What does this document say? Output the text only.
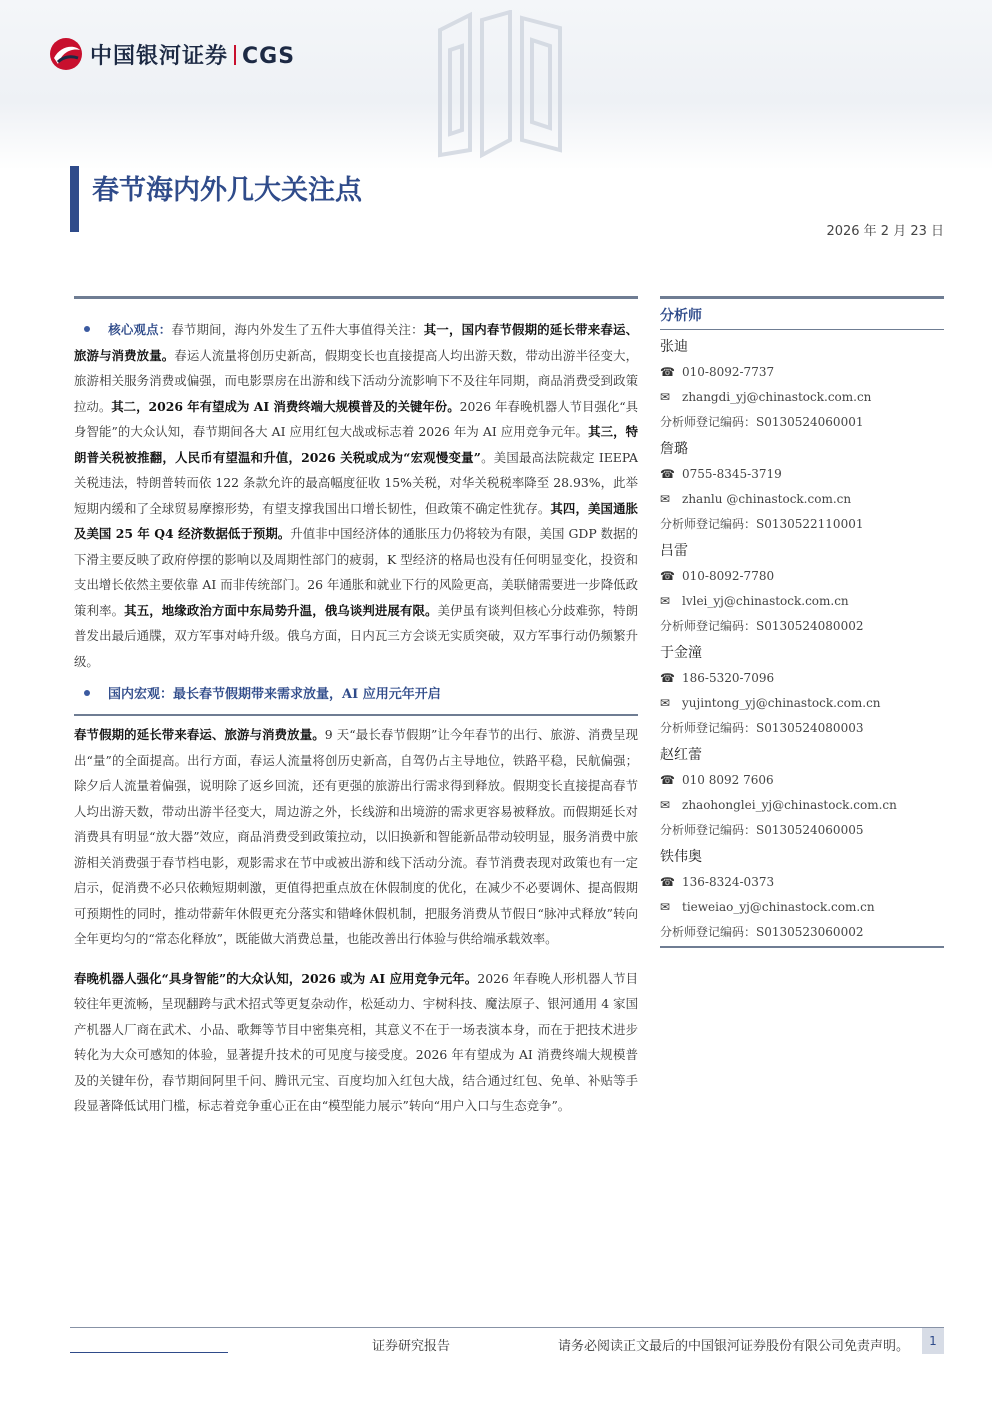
中国银河证券 CGS
春节海内外几大关注点
2026 年 2 月 23 日

核心观点：春节期间，海内外发生了五件大事值得关注：其一，国内春节假期的延长带来春运、旅游与消费放量。春运人流量将创历史新高，假期变长也直接提高人均出游天数，带动出游半径变大，旅游相关服务消费或偏强，而电影票房在出游和线下活动分流影响下不及往年同期，商品消费受到政策拉动。其二，2026 年有望成为 AI 消费终端大规模普及的关键年份。2026 年春晚机器人节目强化“具身智能”的大众认知，春节期间各大 AI 应用红包大战或标志着 2026 年为 AI 应用竞争元年。其三，特朗普关税被推翻，人民币有望温和升值，2026 关税或成为“宏观慢变量”。美国最高法院裁定 IEEPA 关税违法，特朗普转而依 122 条款允许的最高幅度征收 15%关税，对华关税税率降至 28.93%，此举短期内缓和了全球贸易摩擦形势，有望支撑我国出口增长韧性，但政策不确定性犹存。其四，美国通胀及美国 25 年 Q4 经济数据低于预期。升值非中国经济体的通胀压力仍将较为有限，美国 GDP 数据的下滑主要反映了政府停摆的影响以及周期性部门的疲弱，K 型经济的格局也没有任何明显变化，投资和支出增长依然主要依靠 AI 而非传统部门。26 年通胀和就业下行的风险更高，美联储需要进一步降低政策利率。其五，地缘政治方面中东局势升温，俄乌谈判进展有限。美伊虽有谈判但核心分歧难弥，特朗普发出最后通牒，双方军事对峙升级。俄乌方面，日内瓦三方会谈无实质突破，双方军事行动仍频繁升级。

国内宏观：最长春节假期带来需求放量，AI 应用元年开启

春节假期的延长带来春运、旅游与消费放量。9 天“最长春节假期”让今年春节的出行、旅游、消费呈现出“量”的全面提高。出行方面，春运人流量将创历史新高，自驾仍占主导地位，铁路平稳，民航偏强；除夕后人流量着偏强，说明除了返乡回流，还有更强的旅游出行需求得到释放。假期变长直接提高春节人均出游天数，带动出游半径变大，周边游之外，长线游和出境游的需求更容易被释放。而假期延长对消费具有明显“放大器”效应，商品消费受到政策拉动，以旧换新和智能新品带动较明显，服务消费中旅游相关消费强于春节档电影，观影需求在节中或被出游和线下活动分流。春节消费表现对政策也有一定启示，促消费不必只依赖短期刺激，更值得把重点放在休假制度的优化，在减少不必要调休、提高假期可预期性的同时，推动带薪年休假更充分落实和错峰休假机制，把服务消费从节假日“脉冲式释放”转向全年更均匀的“常态化释放”，既能做大消费总量，也能改善出行体验与供给端承载效率。

春晚机器人强化“具身智能”的大众认知，2026 或为 AI 应用竞争元年。2026 年春晚人形机器人节目较往年更流畅，呈现翻跨与武术招式等更复杂动作，松延动力、宇树科技、魔法原子、银河通用 4 家国产机器人厂商在武术、小品、歌舞等节目中密集亮相，其意义不在于一场表演本身，而在于把技术进步转化为大众可感知的体验，显著提升技术的可见度与接受度。2026 年有望成为 AI 消费终端大规模普及的关键年份，春节期间阿里千问、腾讯元宝、百度均加入红包大战，结合通过红包、免单、补贴等手段显著降低试用门槛，标志着竞争重心正在由“模型能力展示”转向“用户入口与生态竞争”。

分析师
张迪
☎ 010-8092-7737
✉ zhangdi_yj@chinastock.com.cn
分析师登记编码：S0130524060001
詹璐
☎ 0755-8345-3719
✉ zhanlu @chinastock.com.cn
分析师登记编码：S0130522110001
吕雷
☎ 010-8092-7780
✉ lvlei_yj@chinastock.com.cn
分析师登记编码：S0130524080002
于金潼
☎ 186-5320-7096
✉ yujintong_yj@chinastock.com.cn
分析师登记编码：S0130524080003
赵红蕾
☎ 010 8092 7606
✉ zhaohonglei_yj@chinastock.com.cn
分析师登记编码：S0130524060005
铁伟奥
☎ 136-8324-0373
✉ tieweiao_yj@chinastock.com.cn
分析师登记编码：S0130523060002
证券研究报告	请务必阅读正文最后的中国银河证券股份有限公司免责声明。	1
